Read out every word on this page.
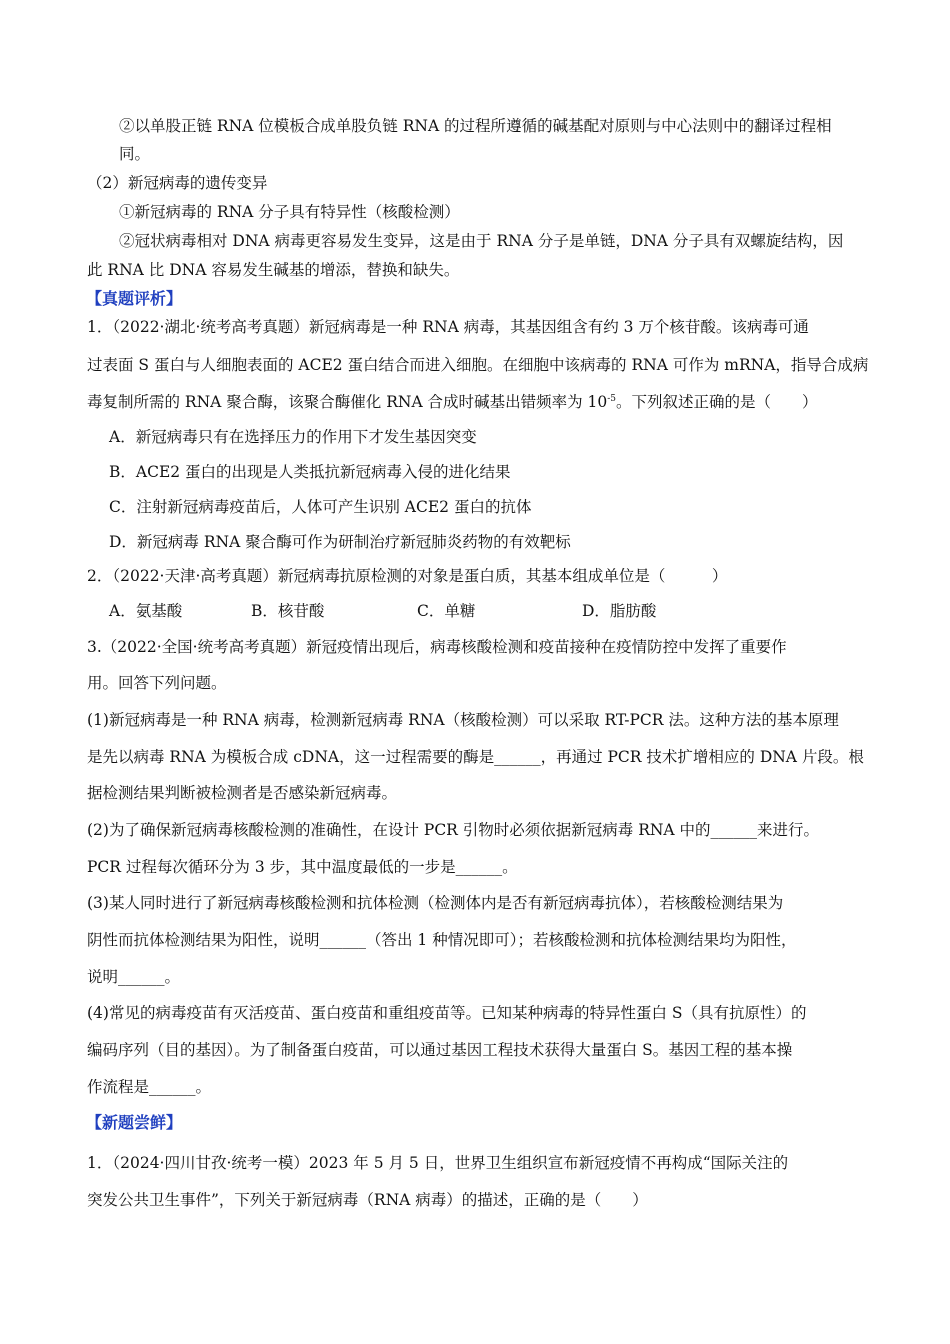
②以单股正链 RNA 位模板合成单股负链 RNA 的过程所遵循的碱基配对原则与中心法则中的翻译过程相
同。
（2）新冠病毒的遗传变异
①新冠病毒的 RNA 分子具有特异性（核酸检测）
②冠状病毒相对 DNA 病毒更容易发生变异，这是由于 RNA 分子是单链，DNA 分子具有双螺旋结构，因
此 RNA 比 DNA 容易发生碱基的增添，替换和缺失。
【真题评析】
1．（2022·湖北·统考高考真题）新冠病毒是一种 RNA 病毒，其基因组含有约 3 万个核苷酸。该病毒可通
过表面 S 蛋白与人细胞表面的 ACE2 蛋白结合而进入细胞。在细胞中该病毒的 RNA 可作为 mRNA，指导合成病
毒复制所需的 RNA 聚合酶，该聚合酶催化 RNA 合成时碱基出错频率为 $10^{-5}$。下列叙述正确的是（　　）
A．新冠病毒只有在选择压力的作用下才发生基因突变
B．ACE2 蛋白的出现是人类抵抗新冠病毒入侵的进化结果
C．注射新冠病毒疫苗后，人体可产生识别 ACE2 蛋白的抗体
D．新冠病毒 RNA 聚合酶可作为研制治疗新冠肺炎药物的有效靶标
2．（2022·天津·高考真题）新冠病毒抗原检测的对象是蛋白质，其基本组成单位是（　　　）
A．氨基酸	B．核苷酸	C．单糖	D．脂肪酸
3.（2022·全国·统考高考真题）新冠疫情出现后，病毒核酸检测和疫苗接种在疫情防控中发挥了重要作
用。回答下列问题。
(1)新冠病毒是一种 RNA 病毒，检测新冠病毒 RNA（核酸检测）可以采取 RT-PCR 法。这种方法的基本原理
是先以病毒 RNA 为模板合成 cDNA，这一过程需要的酶是______，再通过 PCR 技术扩增相应的 DNA 片段。根
据检测结果判断被检测者是否感染新冠病毒。
(2)为了确保新冠病毒核酸检测的准确性，在设计 PCR 引物时必须依据新冠病毒 RNA 中的______来进行。
PCR 过程每次循环分为 3 步，其中温度最低的一步是______。
(3)某人同时进行了新冠病毒核酸检测和抗体检测（检测体内是否有新冠病毒抗体），若核酸检测结果为
阴性而抗体检测结果为阳性，说明______（答出 1 种情况即可）；若核酸检测和抗体检测结果均为阳性，
说明______。
(4)常见的病毒疫苗有灭活疫苗、蛋白疫苗和重组疫苗等。已知某种病毒的特异性蛋白 S（具有抗原性）的
编码序列（目的基因）。为了制备蛋白疫苗，可以通过基因工程技术获得大量蛋白 S。基因工程的基本操
作流程是______。
【新题尝鲜】
1．（2024·四川甘孜·统考一模）2023 年 5 月 5 日，世界卫生组织宣布新冠疫情不再构成“国际关注的
突发公共卫生事件”，下列关于新冠病毒（RNA 病毒）的描述，正确的是（　　）
